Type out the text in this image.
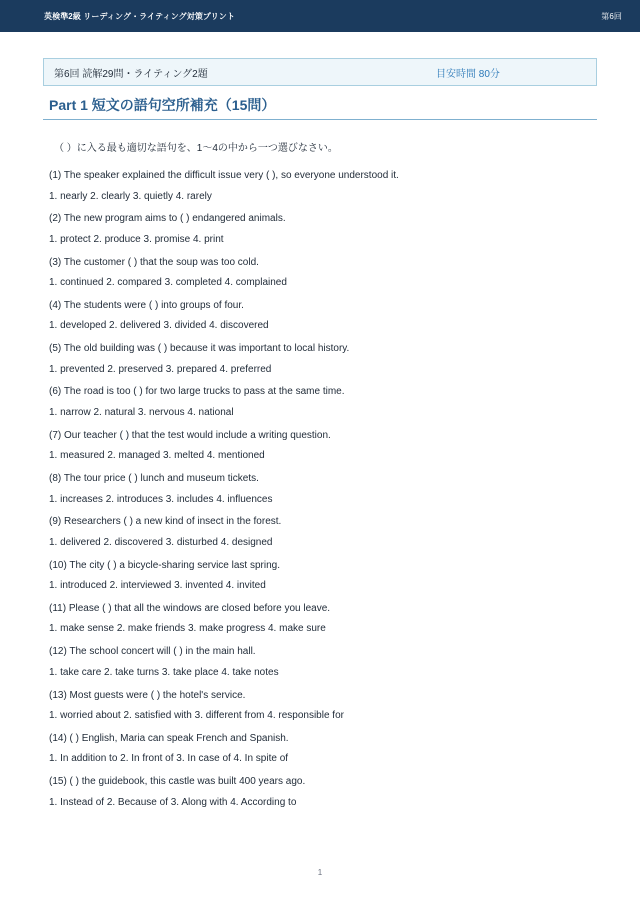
英検準2級 リーディング・ライティング対策プリント	第6回
第6回 読解29問・ライティング2題	目安時間 80分
Part 1 短文の語句空所補充（15問）
（ ）に入る最も適切な語句を、1〜4の中から一つ選びなさい。
(1) The speaker explained the difficult issue very ( ), so everyone understood it.
1. nearly 2. clearly 3. quietly 4. rarely
(2) The new program aims to ( ) endangered animals.
1. protect 2. produce 3. promise 4. print
(3) The customer ( ) that the soup was too cold.
1. continued 2. compared 3. completed 4. complained
(4) The students were ( ) into groups of four.
1. developed 2. delivered 3. divided 4. discovered
(5) The old building was ( ) because it was important to local history.
1. prevented 2. preserved 3. prepared 4. preferred
(6) The road is too ( ) for two large trucks to pass at the same time.
1. narrow 2. natural 3. nervous 4. national
(7) Our teacher ( ) that the test would include a writing question.
1. measured 2. managed 3. melted 4. mentioned
(8) The tour price ( ) lunch and museum tickets.
1. increases 2. introduces 3. includes 4. influences
(9) Researchers ( ) a new kind of insect in the forest.
1. delivered 2. discovered 3. disturbed 4. designed
(10) The city ( ) a bicycle-sharing service last spring.
1. introduced 2. interviewed 3. invented 4. invited
(11) Please ( ) that all the windows are closed before you leave.
1. make sense 2. make friends 3. make progress 4. make sure
(12) The school concert will ( ) in the main hall.
1. take care 2. take turns 3. take place 4. take notes
(13) Most guests were ( ) the hotel's service.
1. worried about 2. satisfied with 3. different from 4. responsible for
(14) ( ) English, Maria can speak French and Spanish.
1. In addition to 2. In front of 3. In case of 4. In spite of
(15) ( ) the guidebook, this castle was built 400 years ago.
1. Instead of 2. Because of 3. Along with 4. According to
1
